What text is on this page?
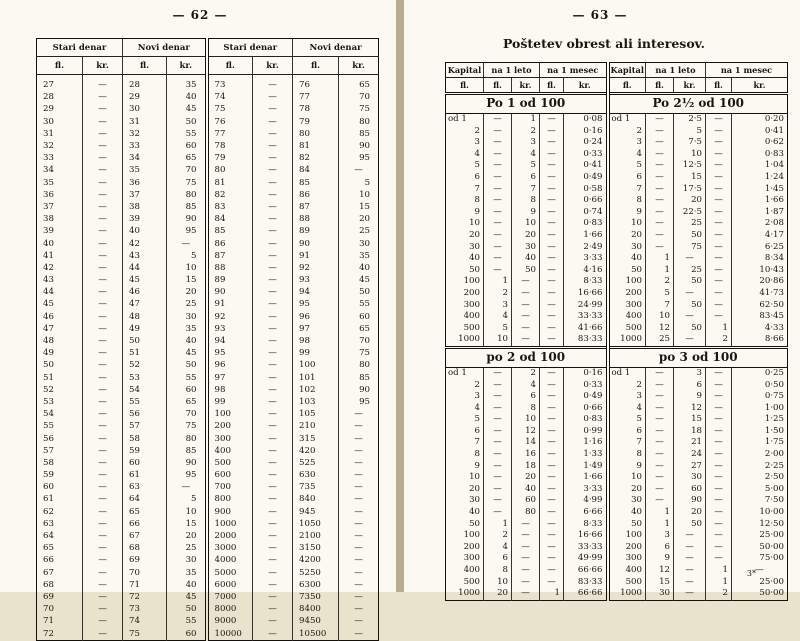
— 62 —
Stari denar		Novi denar		Stari denar		Novi denar	
fl.	kr.	fl.	kr.	fl.	kr.	fl.	kr.

27	—	28	35	73	—	76	65
28	—	29	40	74	—	77	70
29	—	30	45	75	—	78	75
30	—	31	50	76	—	79	80
31	—	32	55	77	—	80	85
32	—	33	60	78	—	81	90
33	—	34	65	79	—	82	95
34	—	35	70	80	—	84	—
35	—	36	75	81	—	85	5
36	—	37	80	82	—	86	10
37	—	38	85	83	—	87	15
38	—	39	90	84	—	88	20
39	—	40	95	85	—	89	25
40	—	42	—	86	—	90	30
41	—	43	5	87	—	91	35
42	—	44	10	88	—	92	40
43	—	45	15	89	—	93	45
44	—	46	20	90	—	94	50
45	—	47	25	91	—	95	55
46	—	48	30	92	—	96	60
47	—	49	35	93	—	97	65
48	—	50	40	94	—	98	70
49	—	51	45	95	—	99	75
50	—	52	50	96	—	100	80
51	—	53	55	97	—	101	85
52	—	54	60	98	—	102	90
53	—	55	65	99	—	103	95
54	—	56	70	100	—	105	—
55	—	57	75	200	—	210	—
56	—	58	80	300	—	315	—
57	—	59	85	400	—	420	—
58	—	60	90	500	—	525	—
59	—	61	95	600	—	630	—
60	—	63	—	700	—	735	—
61	—	64	5	800	—	840	—
62	—	65	10	900	—	945	—
63	—	66	15	1000	—	1050	—
64	—	67	20	2000	—	2100	—
65	—	68	25	3000	—	3150	—
66	—	69	30	4000	—	4200	—
67	—	70	35	5000	—	5250	—
68	—	71	40	6000	—	6300	—
69	—	72	45	7000	—	7350	—
70	—	73	50	8000	—	8400	—
71	—	74	55	9000	—	9450	—
72	—	75	60	10000	—	10500	—
— 63 —
Poštetev obrest ali interesov.
Kapital	na 1 leto		na 1 mesec		Kapital	na 1 leto		na 1 mesec	
fl.	fl.	kr.	fl.	kr.	fl.	fl.	kr.	fl.	kr.
Po 1 od 100					Po 2½ od 100				
od 1	—	1	—	0·08	od 1	—	2·5	—	0·20
2	—	2	—	0·16	2	—	5	—	0·41
3	—	3	—	0·24	3	—	7·5	—	0·62
4	—	4	—	0·33	4	—	10	—	0·83
5	—	5	—	0·41	5	—	12·5	—	1·04
6	—	6	—	0·49	6	—	15	—	1·24
7	—	7	—	0·58	7	—	17·5	—	1·45
8	—	8	—	0·66	8	—	20	—	1·66
9	—	9	—	0·74	9	—	22·5	—	1·87
10	—	10	—	0·83	10	—	25	—	2·08
20	—	20	—	1·66	20	—	50	—	4·17
30	—	30	—	2·49	30	—	75	—	6·25
40	—	40	—	3·33	40	1	—	—	8·34
50	—	50	—	4·16	50	1	25	—	10·43
100	1	—	—	8·33	100	2	50	—	20·86
200	2	—	—	16·66	200	5	—	—	41·73
300	3	—	—	24·99	300	7	50	—	62·50
400	4	—	—	33·33	400	10	—	—	83·45
500	5	—	—	41·66	500	12	50	1	4·33
1000	10	—	—	83·33	1000	25	—	2	8·66
po 2 od 100					po 3 od 100				
od 1	—	2	—	0·16	od 1	—	3	—	0·25
2	—	4	—	0·33	2	—	6	—	0·50
3	—	6	—	0·49	3	—	9	—	0·75
4	—	8	—	0·66	4	—	12	—	1·00
5	—	10	—	0·83	5	—	15	—	1·25
6	—	12	—	0·99	6	—	18	—	1·50
7	—	14	—	1·16	7	—	21	—	1·75
8	—	16	—	1·33	8	—	24	—	2·00
9	—	18	—	1·49	9	—	27	—	2·25
10	—	20	—	1·66	10	—	30	—	2·50
20	—	40	—	3·33	20	—	60	—	5·00
30	—	60	—	4·99	30	—	90	—	7·50
40	—	80	—	6·66	40	1	20	—	10·00
50	1	—	—	8·33	50	1	50	—	12·50
100	2	—	—	16·66	100	3	—	—	25·00
200	4	—	—	33·33	200	6	—	—	50·00
300	6	—	—	49·99	300	9	—	—	75·00
400	8	—	—	66·66	400	12	—	1	—
500	10	—	—	83·33	500	15	—	1	25·00
1000	20	—	1	66·66	1000	30	—	2	50·00
3*
